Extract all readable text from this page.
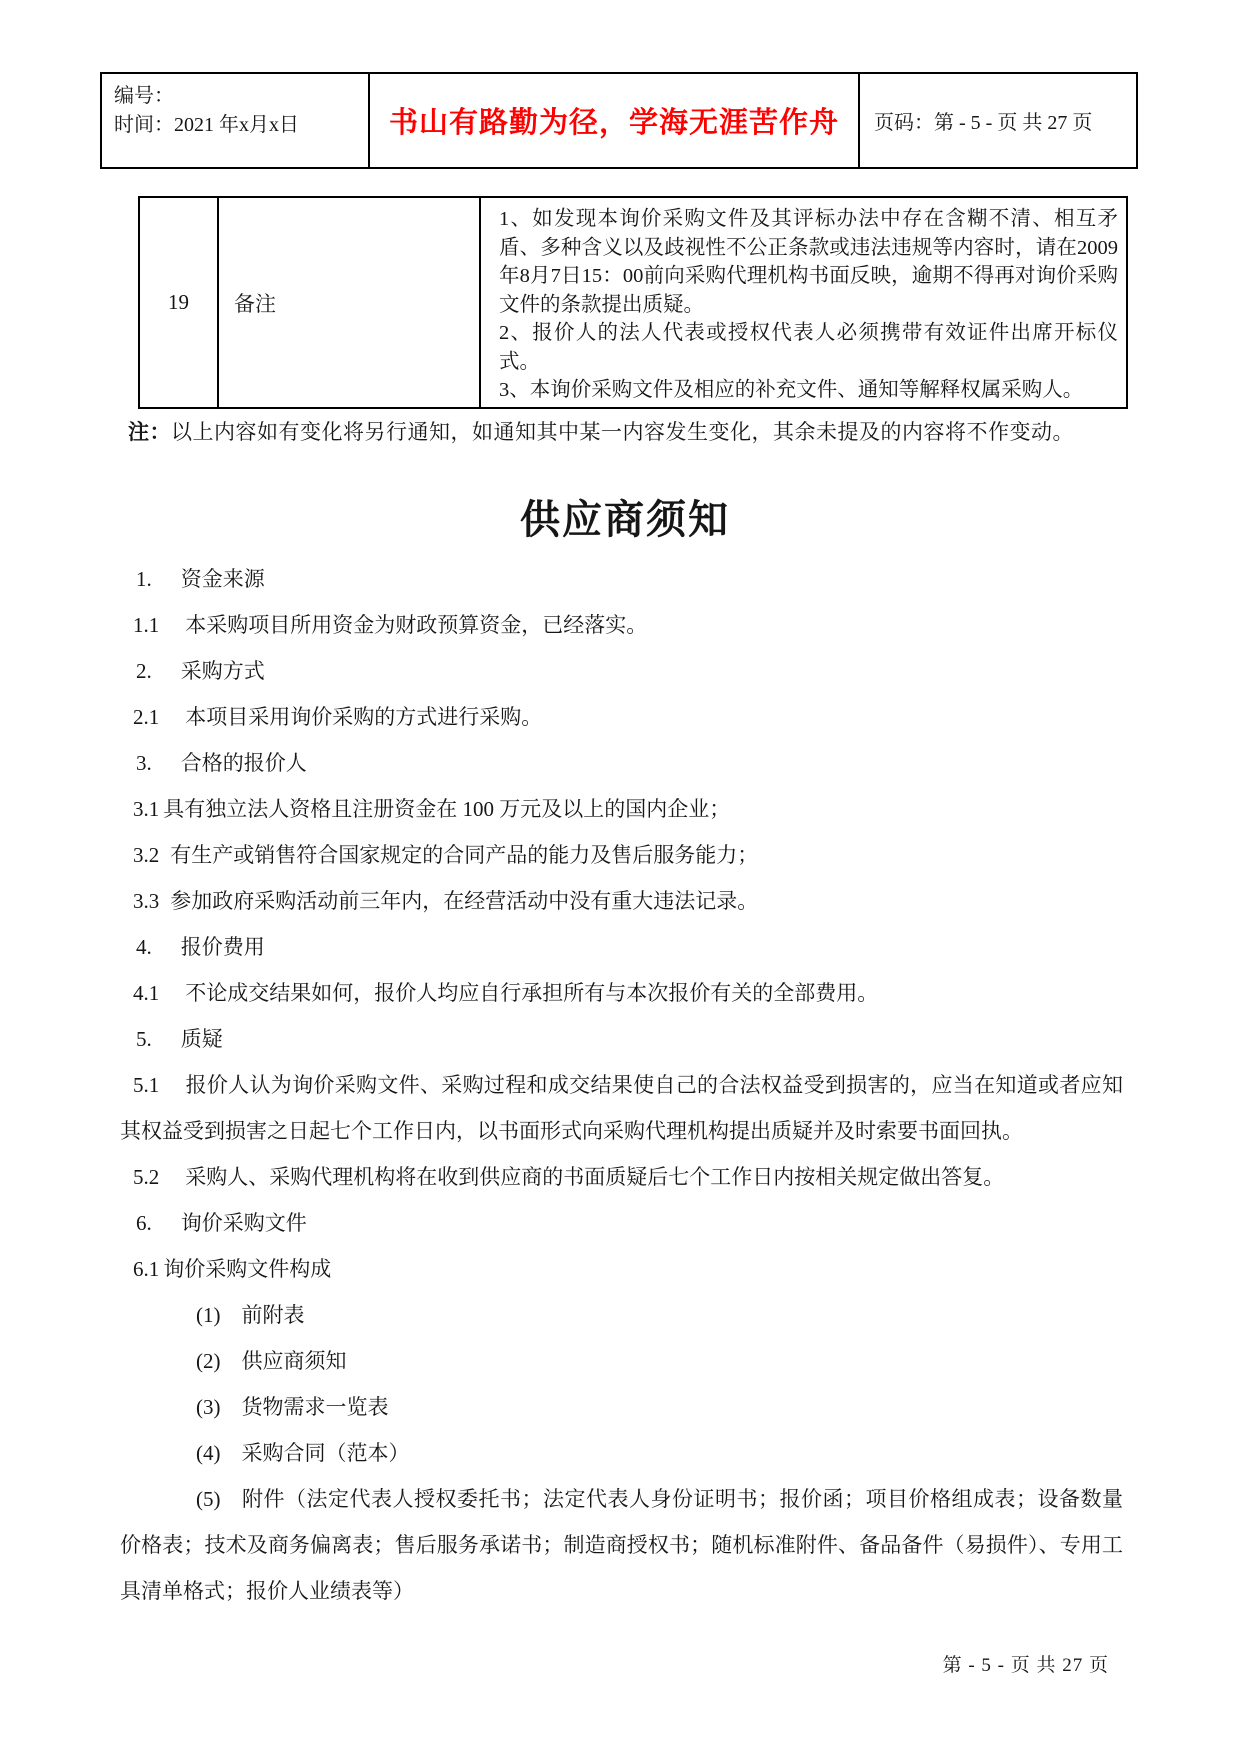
编号：
时间：2021 年x月x日	书山有路勤为径，学海无涯苦作舟 页码：第 - 5 - 页 共 27 页
19 备注

1、如发现本询价采购文件及其评标办法中存在含糊不清、相互矛盾、多种含义以及歧视性不公正条款或违法违规等内容时，请在2009年8月7日15：00前向采购代理机构书面反映，逾期不得再对询价采购文件的条款提出质疑。

2、报价人的法人代表或授权代表人必须携带有效证件出席开标仪式。

3、本询价采购文件及相应的补充文件、通知等解释权属采购人。

注：以上内容如有变化将另行通知，如通知其中某一内容发生变化，其余未提及的内容将不作变动。
供应商须知

1. 资金来源

1.1 本采购项目所用资金为财政预算资金，已经落实。

2. 采购方式

2.1 本项目采用询价采购的方式进行采购。

3. 合格的报价人

3.1 具有独立法人资格且注册资金在 100 万元及以上的国内企业；

3.2 有生产或销售符合国家规定的合同产品的能力及售后服务能力；

3.3 参加政府采购活动前三年内，在经营活动中没有重大违法记录。

4. 报价费用

4.1 不论成交结果如何，报价人均应自行承担所有与本次报价有关的全部费用。

5. 质疑

5.1 报价人认为询价采购文件、采购过程和成交结果使自己的合法权益受到损害的，应当在知道或者应知其权益受到损害之日起七个工作日内，以书面形式向采购代理机构提出质疑并及时索要书面回执。

5.2 采购人、采购代理机构将在收到供应商的书面质疑后七个工作日内按相关规定做出答复。

6. 询价采购文件

6.1 询价采购文件构成

(1) 前附表

(2) 供应商须知

(3) 货物需求一览表

(4) 采购合同（范本）

(5) 附件（法定代表人授权委托书；法定代表人身份证明书；报价函；项目价格组成表；设备数量价格表；技术及商务偏离表；售后服务承诺书；制造商授权书；随机标准附件、备品备件（易损件）、专用工具清单格式；报价人业绩表等）

第 - 5 - 页 共 27 页
